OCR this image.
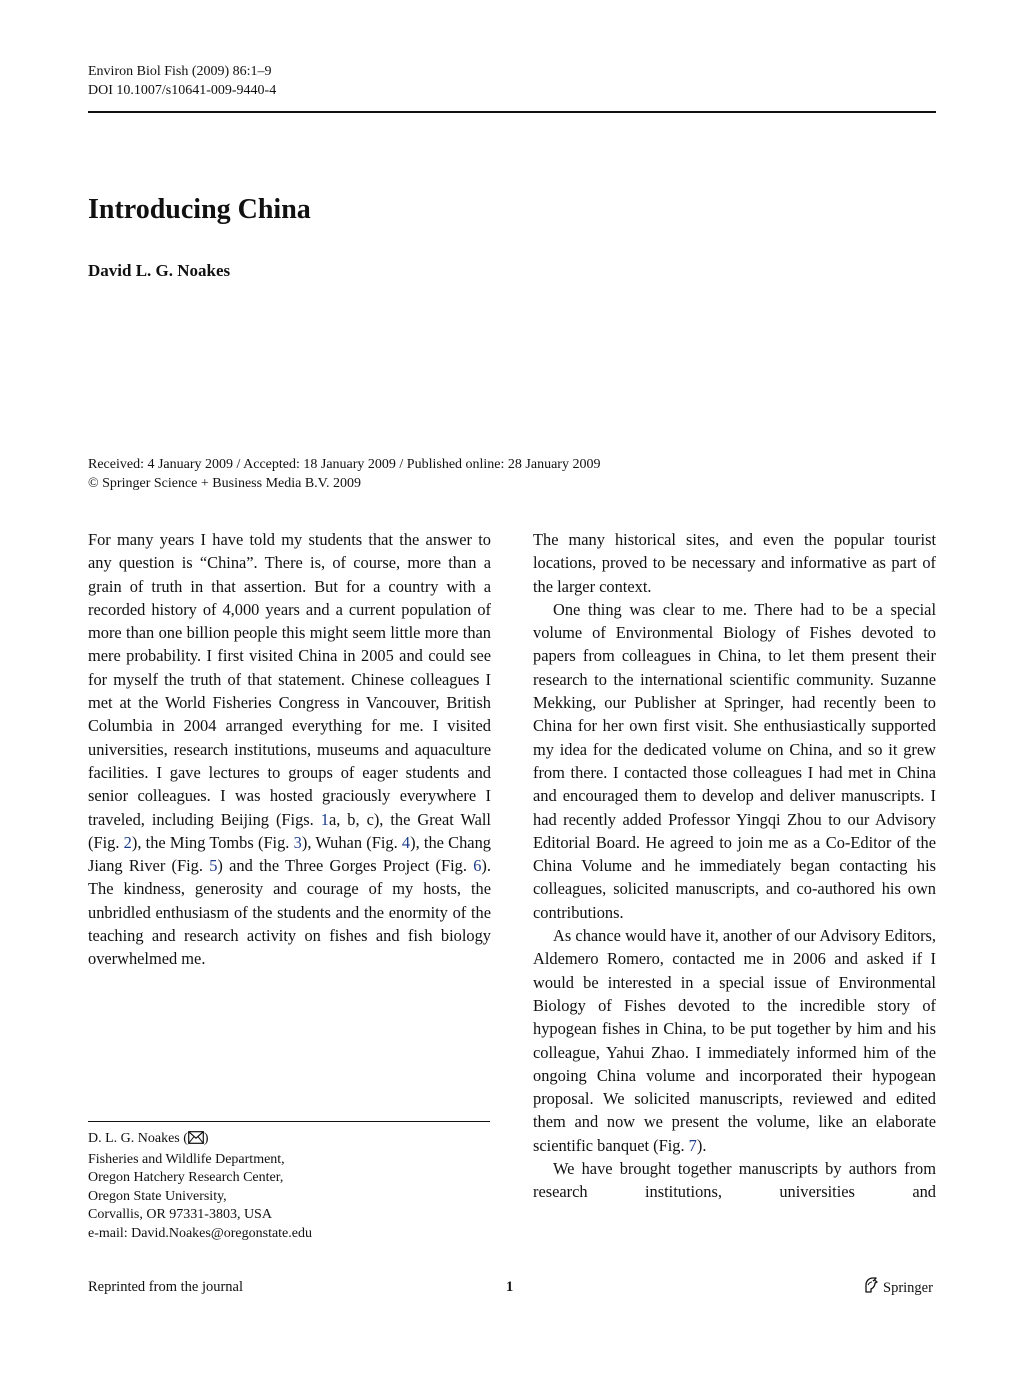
Environ Biol Fish (2009) 86:1–9
DOI 10.1007/s10641-009-9440-4
Introducing China
David L. G. Noakes
Received: 4 January 2009 / Accepted: 18 January 2009 / Published online: 28 January 2009
© Springer Science + Business Media B.V. 2009

For many years I have told my students that the answer to any question is “China”. There is, of course, more than a grain of truth in that assertion. But for a country with a recorded history of 4,000 years and a current population of more than one billion people this might seem little more than mere probability. I first visited China in 2005 and could see for myself the truth of that statement. Chinese colleagues I met at the World Fisheries Congress in Vancouver, British Columbia in 2004 arranged everything for me. I visited universities, research institutions, museums and aquaculture facilities. I gave lectures to groups of eager students and senior colleagues. I was hosted graciously everywhere I traveled, including Beijing (Figs. 1a, b, c), the Great Wall (Fig. 2), the Ming Tombs (Fig. 3), Wuhan (Fig. 4), the Chang Jiang River (Fig. 5) and the Three Gorges Project (Fig. 6). The kindness, generosity and courage of my hosts, the unbridled enthusiasm of the students and the enormity of the teaching and research activity on fishes and fish biology overwhelmed me.

The many historical sites, and even the popular tourist locations, proved to be necessary and informative as part of the larger context.

One thing was clear to me. There had to be a special volume of Environmental Biology of Fishes devoted to papers from colleagues in China, to let them present their research to the international scientific community. Suzanne Mekking, our Publisher at Springer, had recently been to China for her own first visit. She enthusiastically supported my idea for the dedicated volume on China, and so it grew from there. I contacted those colleagues I had met in China and encouraged them to develop and deliver manuscripts. I had recently added Professor Yingqi Zhou to our Advisory Editorial Board. He agreed to join me as a Co-Editor of the China Volume and he immediately began contacting his colleagues, solicited manuscripts, and co-authored his own contributions.

As chance would have it, another of our Advisory Editors, Aldemero Romero, contacted me in 2006 and asked if I would be interested in a special issue of Environmental Biology of Fishes devoted to the incredible story of hypogean fishes in China, to be put together by him and his colleague, Yahui Zhao. I immediately informed him of the ongoing China volume and incorporated their hypogean proposal. We solicited manuscripts, reviewed and edited them and now we present the volume, like an elaborate scientific banquet (Fig. 7).

We have brought together manuscripts by authors from research institutions, universities and

D. L. G. Noakes ( )
Fisheries and Wildlife Department,
Oregon Hatchery Research Center,
Oregon State University,
Corvallis, OR 97331-3803, USA
e-mail: David.Noakes@oregonstate.edu
Reprinted from the journal	1	Springer
